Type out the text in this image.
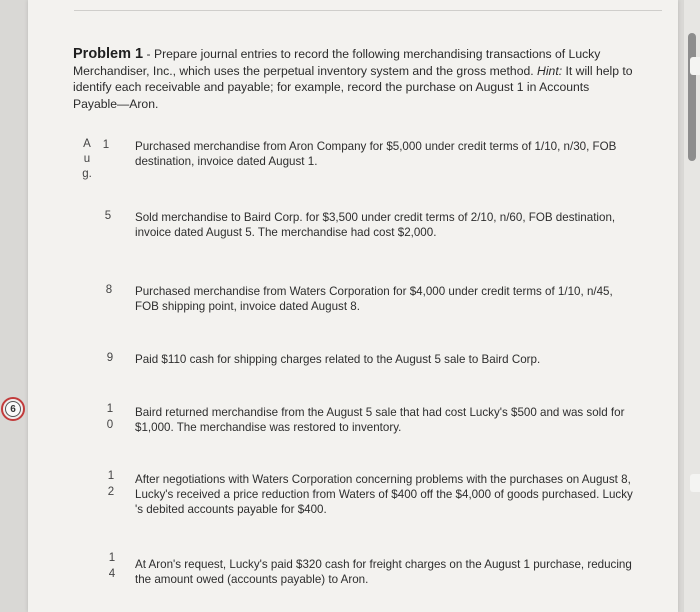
Problem 1 - Prepare journal entries to record the following merchandising transactions of Lucky Merchandiser, Inc., which uses the perpetual inventory system and the gross method. Hint: It will help to identify each receivable and payable; for example, record the purchase on August 1 in Accounts Payable—Aron.
A
u
g.
1 Purchased merchandise from Aron Company for $5,000 under credit terms of 1/10, n/30, FOB destination, invoice dated August 1.
5 Sold merchandise to Baird Corp. for $3,500 under credit terms of 2/10, n/60, FOB destination, invoice dated August 5. The merchandise had cost $2,000.
8 Purchased merchandise from Waters Corporation for $4,000 under credit terms of 1/10, n/45, FOB shipping point, invoice dated August 8.
9 Paid $110 cash for shipping charges related to the August 5 sale to Baird Corp.
1
0
Baird returned merchandise from the August 5 sale that had cost Lucky's $500 and was sold for $1,000. The merchandise was restored to inventory.
1
2
After negotiations with Waters Corporation concerning problems with the purchases on August 8, Lucky's received a price reduction from Waters of $400 off the $4,000 of goods purchased. Lucky 's debited accounts payable for $400.
1
4
At Aron's request, Lucky's paid $320 cash for freight charges on the August 1 purchase, reducing the amount owed (accounts payable) to Aron.
6
